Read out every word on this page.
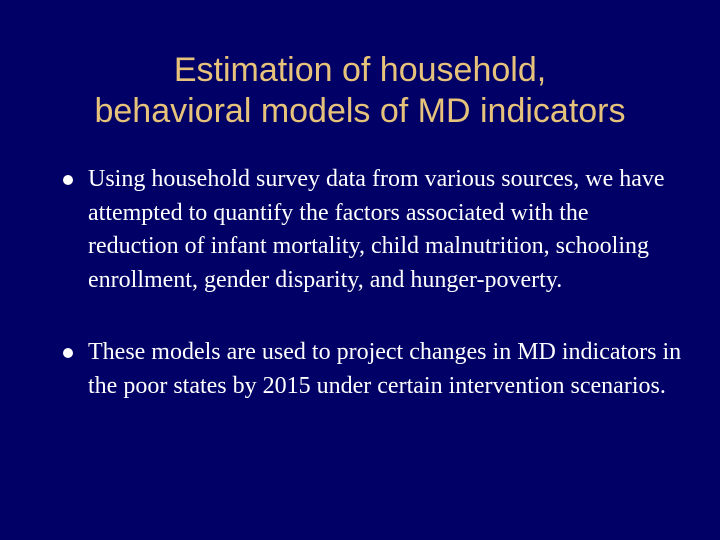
Estimation of household,
behavioral models of MD indicators
Using household survey data from various sources, we have attempted to quantify the factors associated with the reduction of infant mortality, child malnutrition, schooling enrollment, gender disparity, and hunger-poverty.
These models are used to project changes in MD indicators in the poor states by 2015 under certain intervention scenarios.
